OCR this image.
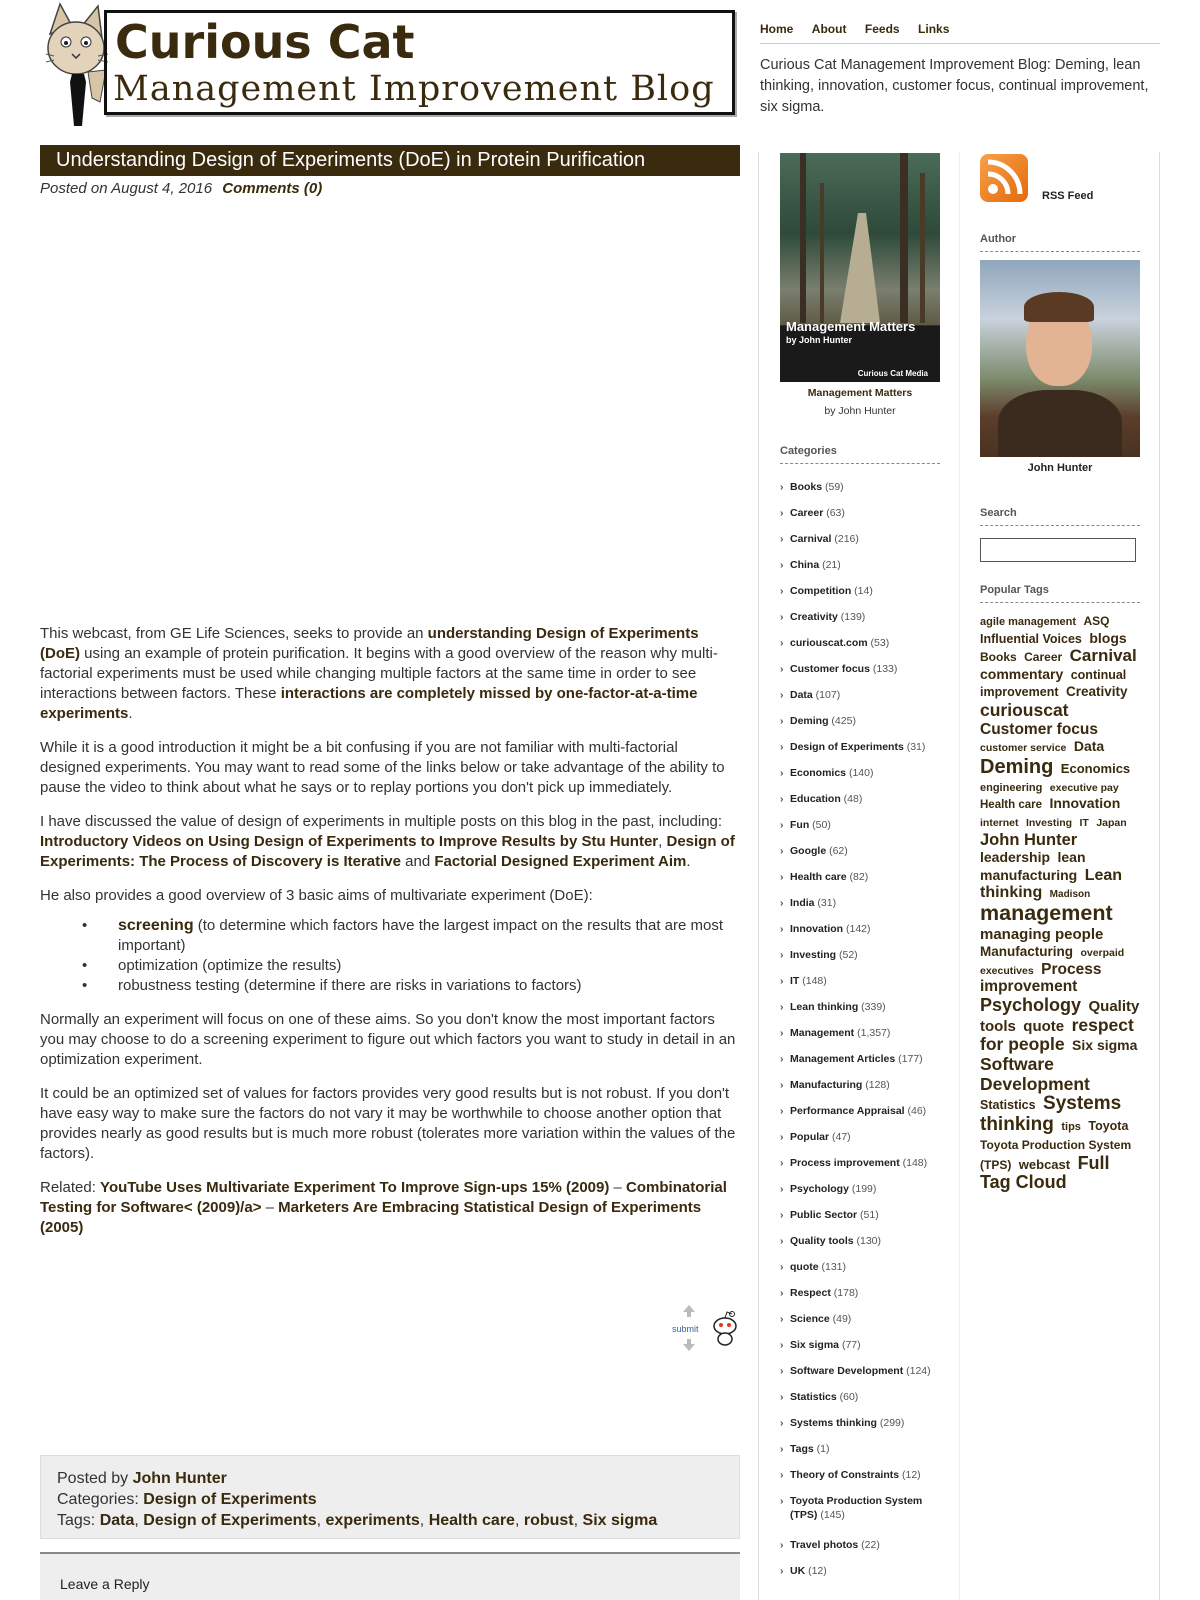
Curious Cat
Management Improvement Blog
Home About Feeds Links
Curious Cat Management Improvement Blog: Deming, lean thinking, innovation, customer focus, continual improvement, six sigma.
Understanding Design of Experiments (DoE) in Protein Purification
Posted on August 4, 2016 Comments (0)

This webcast, from GE Life Sciences, seeks to provide an understanding Design of Experiments (DoE) using an example of protein purification. It begins with a good overview of the reason why multi-factorial experiments must be used while changing multiple factors at the same time in order to see interactions between factors. These interactions are completely missed by one-factor-at-a-time experiments.

While it is a good introduction it might be a bit confusing if you are not familiar with multi-factorial designed experiments. You may want to read some of the links below or take advantage of the ability to pause the video to think about what he says or to replay portions you don't pick up immediately.

I have discussed the value of design of experiments in multiple posts on this blog in the past, including: Introductory Videos on Using Design of Experiments to Improve Results by Stu Hunter, Design of Experiments: The Process of Discovery is Iterative and Factorial Designed Experiment Aim.

He also provides a good overview of 3 basic aims of multivariate experiment (DoE):

• screening (to determine which factors have the largest impact on the results that are most important)
• optimization (optimize the results)
• robustness testing (determine if there are risks in variations to factors)

Normally an experiment will focus on one of these aims. So you don't know the most important factors you may choose to do a screening experiment to figure out which factors you want to study in detail in an optimization experiment.

It could be an optimized set of values for factors provides very good results but is not robust. If you don't have easy way to make sure the factors do not vary it may be worthwhile to choose another option that provides nearly as good results but is much more robust (tolerates more variation within the values of the factors).

Related: YouTube Uses Multivariate Experiment To Improve Sign-ups 15% (2009) – Combinatorial Testing for Software< (2009)/a> – Marketers Are Embracing Statistical Design of Experiments (2005)

submit
Posted by John Hunter
Categories: Design of Experiments
Tags: Data, Design of Experiments, experiments, Health care, robust, Six sigma
Leave a Reply
Management Matters
by John Hunter
Curious Cat Media
Management Matters
by John Hunter
Categories
› Books (59)
› Career (63)
› Carnival (216)
› China (21)
› Competition (14)
› Creativity (139)
› curiouscat.com (53)
› Customer focus (133)
› Data (107)
› Deming (425)
› Design of Experiments (31)
› Economics (140)
› Education (48)
› Fun (50)
› Google (62)
› Health care (82)
› India (31)
› Innovation (142)
› Investing (52)
› IT (148)
› Lean thinking (339)
› Management (1,357)
› Management Articles (177)
› Manufacturing (128)
› Performance Appraisal (46)
› Popular (47)
› Process improvement (148)
› Psychology (199)
› Public Sector (51)
› Quality tools (130)
› quote (131)
› Respect (178)
› Science (49)
› Six sigma (77)
› Software Development (124)
› Statistics (60)
› Systems thinking (299)
› Tags (1)
› Theory of Constraints (12)
› Toyota Production System (TPS) (145)
› Travel photos (22)
› UK (12)
RSS Feed
Author
John Hunter
Search
Popular Tags
agile management ASQ Influential Voices blogs Books Career Carnival commentary continual improvement Creativity curiouscat Customer focus customer service Data Deming Economics engineering executive pay Health care Innovation internet Investing IT Japan John Hunter leadership lean manufacturing Lean thinking Madison management managing people Manufacturing overpaid executives Process improvement Psychology Quality tools quote respect for people Six sigma Software Development Statistics Systems thinking tips Toyota Toyota Production System (TPS) webcast Full Tag Cloud
